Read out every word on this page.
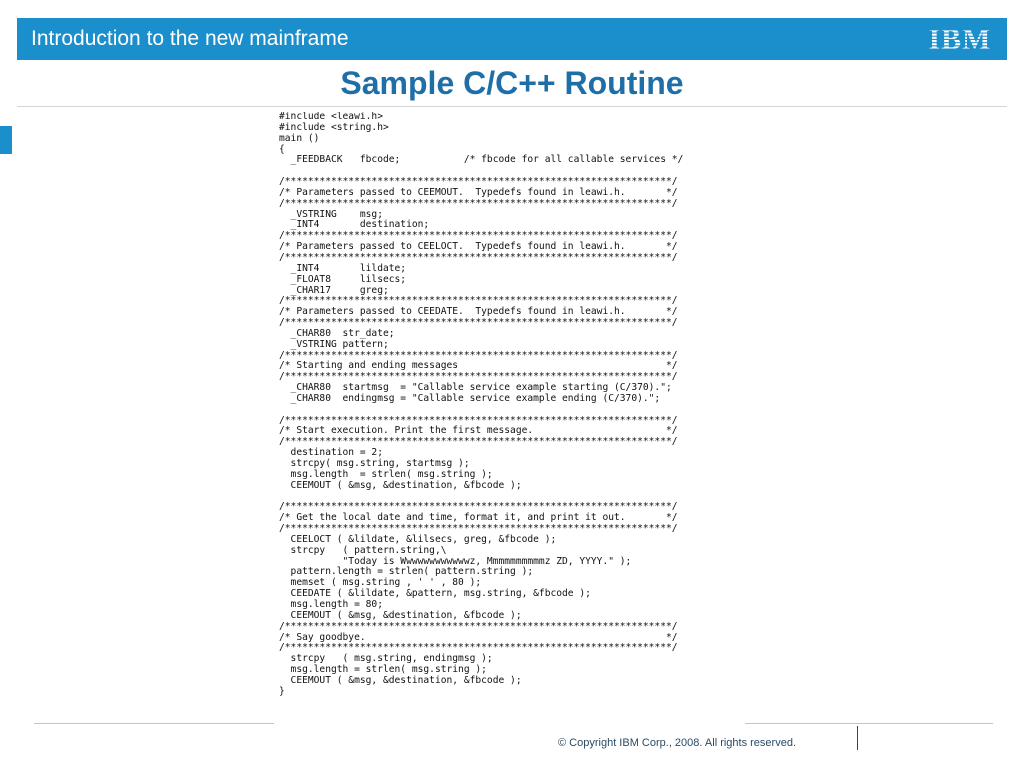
Introduction to the new mainframe	IBM
Sample C/C++ Routine
#include <leawi.h>
#include <string.h>
main ()
{
_FEEDBACK   fbcode;           /* fbcode for all callable services */

/*******************************************************************/
/* Parameters passed to CEEMOUT.  Typedefs found in leawi.h.       */
/*******************************************************************/
_VSTRING    msg;
_INT4       destination;
/*******************************************************************/
/* Parameters passed to CEELOCT.  Typedefs found in leawi.h.       */
/*******************************************************************/
_INT4       lildate;
_FLOAT8     lilsecs;
_CHAR17     greg;
/*******************************************************************/
/* Parameters passed to CEEDATE.  Typedefs found in leawi.h.       */
/*******************************************************************/
_CHAR80  str_date;
_VSTRING pattern;
/*******************************************************************/
/* Starting and ending messages                                    */
/*******************************************************************/
_CHAR80  startmsg  = "Callable service example starting (C/370).";
_CHAR80  endingmsg = "Callable service example ending (C/370).";

/*******************************************************************/
/* Start execution. Print the first message.                       */
/*******************************************************************/
destination = 2;
strcpy( msg.string, startmsg );
msg.length  = strlen( msg.string );
CEEMOUT ( &msg, &destination, &fbcode );

/*******************************************************************/
/* Get the local date and time, format it, and print it out.       */
/*******************************************************************/
CEELOCT ( &lildate, &lilsecs, greg, &fbcode );
strcpy   ( pattern.string,\
"Today is Wwwwwwwwwwwwz, Mmmmmmmmmmz ZD, YYYY." );
pattern.length = strlen( pattern.string );
memset ( msg.string , ' ' , 80 );
CEEDATE ( &lildate, &pattern, msg.string, &fbcode );
msg.length = 80;
CEEMOUT ( &msg, &destination, &fbcode );
/*******************************************************************/
/* Say goodbye.                                                    */
/*******************************************************************/
strcpy   ( msg.string, endingmsg );
msg.length = strlen( msg.string );
CEEMOUT ( &msg, &destination, &fbcode );
}

© Copyright IBM Corp., 2008. All rights reserved.
